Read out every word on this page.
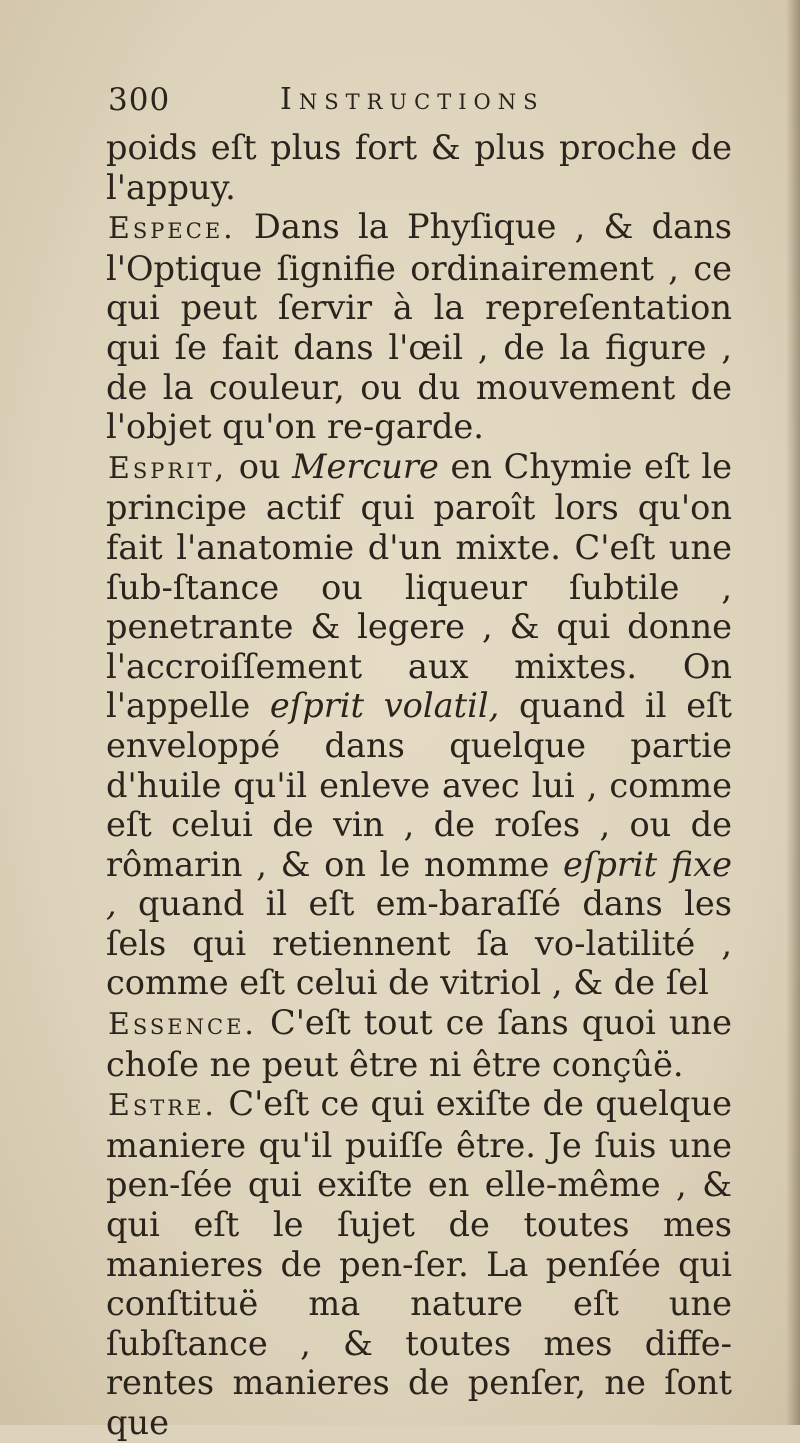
300	Instructions

poids eſt plus fort & plus proche de l'appuy.

Espece. Dans la Phyſique , & dans l'Optique ſignifie ordinairement , ce qui peut ſervir à la repreſentation qui ſe fait dans l'œil , de la figure , de la couleur, ou du mouvement de l'objet qu'on re-garde.

Esprit, ou Mercure en Chymie eſt le principe actif qui paroît lors qu'on fait l'anatomie d'un mixte. C'eſt une ſub-ſtance ou liqueur ſubtile , penetrante & legere , & qui donne l'accroiſſement aux mixtes. On l'appelle eſprit volatil, quand il eſt enveloppé dans quelque partie d'huile qu'il enleve avec lui , comme eſt celui de vin , de roſes , ou de rômarin , & on le nomme eſprit fixe , quand il eſt em-baraſſé dans les ſels qui retiennent ſa vo-latilité , comme eſt celui de vitriol , & de ſel

Essence. C'eſt tout ce ſans quoi une choſe ne peut être ni être conçûë.

Estre. C'eſt ce qui exiſte de quelque maniere qu'il puiſſe être. Je ſuis une pen-ſée qui exiſte en elle-même , & qui eſt le ſujet de toutes mes manieres de pen-ſer. La penſée qui conſtituë ma nature eſt une ſubſtance , & toutes mes diffe-rentes manieres de penſer, ne ſont que
